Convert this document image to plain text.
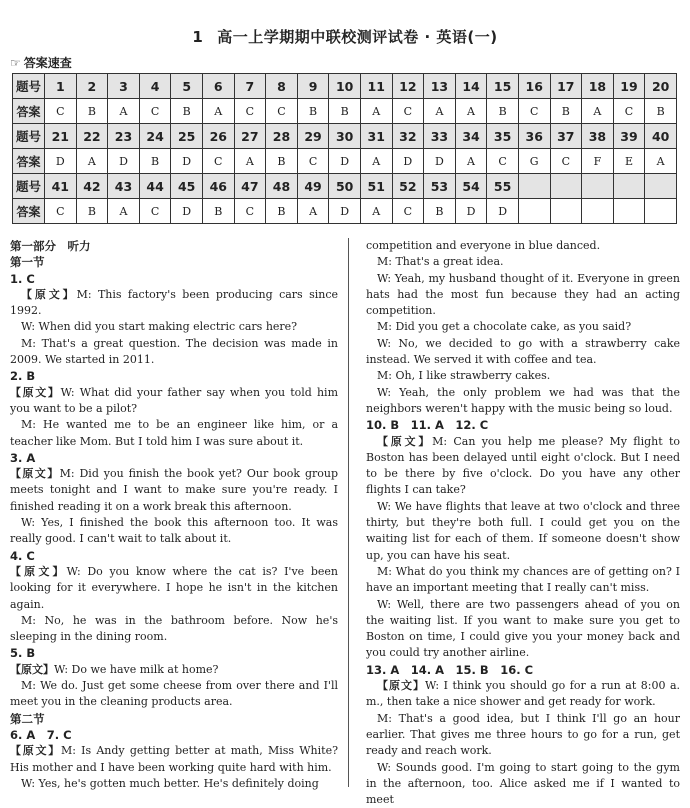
1 高一上学期期中联校测评试卷 · 英语(一)
☞ 答案速查
题号	1	2	3	4	5	6	7	8	9	10	11	12	13	14	15	16	17	18	19	20
答案	C	B	A	C	B	A	C	C	B	B	A	C	A	A	B	C	B	A	C	B
题号	21	22	23	24	25	26	27	28	29	30	31	32	33	34	35	36	37	38	39	40
答案	D	A	D	B	D	C	A	B	C	D	A	D	D	A	C	G	C	F	E	A
题号	41	42	43	44	45	46	47	48	49	50	51	52	53	54	55					
答案	C	B	A	C	D	B	C	B	A	D	A	C	B	D	D					
第一部分　听力
第一节
1. C
【原文】M: This factory's been producing cars since 1992.
W: When did you start making electric cars here?
M: That's a great question. The decision was made in 2009. We started in 2011.
2. B
【原文】W: What did your father say when you told him you want to be a pilot?
M: He wanted me to be an engineer like him, or a teacher like Mom. But I told him I was sure about it.
3. A
【原文】M: Did you finish the book yet? Our book group meets tonight and I want to make sure you're ready. I finished reading it on a work break this afternoon.
W: Yes, I finished the book this afternoon too. It was really good. I can't wait to talk about it.
4. C
【原文】W: Do you know where the cat is? I've been looking for it everywhere. I hope he isn't in the kitchen again.
M: No, he was in the bathroom before. Now he's sleeping in the dining room.
5. B
【原文】W: Do we have milk at home?
M: We do. Just get some cheese from over there and I'll meet you in the cleaning products area.
第二节
6. A　7. C
【原文】M: Is Andy getting better at math, Miss White? His mother and I have been working quite hard with him.
W: Yes, he's gotten much better. He's definitely doing
competition and everyone in blue danced.
M: That's a great idea.
W: Yeah, my husband thought of it. Everyone in green hats had the most fun because they had an acting competition.
M: Did you get a chocolate cake, as you said?
W: No, we decided to go with a strawberry cake instead. We served it with coffee and tea.
M: Oh, I like strawberry cakes.
W: Yeah, the only problem we had was that the neighbors weren't happy with the music being so loud.
10. B　11. A　12. C
【原文】M: Can you help me please? My flight to Boston has been delayed until eight o'clock. But I need to be there by five o'clock. Do you have any other flights I can take?
W: We have flights that leave at two o'clock and three thirty, but they're both full. I could get you on the waiting list for each of them. If someone doesn't show up, you can have his seat.
M: What do you think my chances are of getting on? I have an important meeting that I really can't miss.
W: Well, there are two passengers ahead of you on the waiting list. If you want to make sure you get to Boston on time, I could give you your money back and you could try another airline.
13. A　14. A　15. B　16. C
【原文】W: I think you should go for a run at 8:00 a. m., then take a nice shower and get ready for work.
M: That's a good idea, but I think I'll go an hour earlier. That gives me three hours to go for a run, get ready and reach work.
W: Sounds good. I'm going to start going to the gym in the afternoon, too. Alice asked me if I wanted to meet
